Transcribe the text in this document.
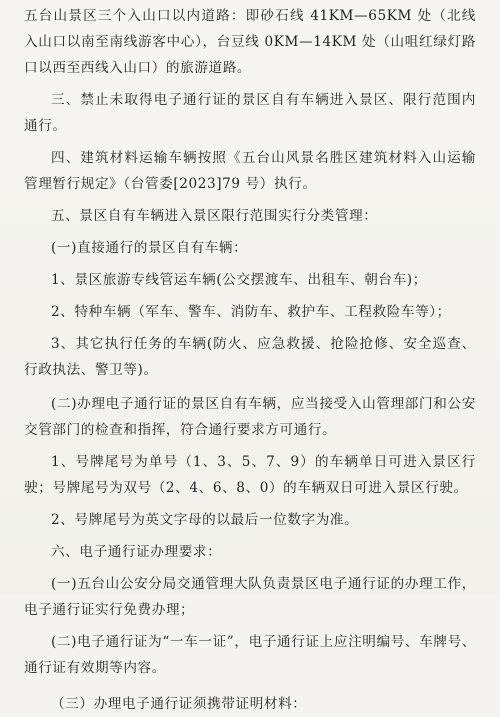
五台山景区三个入山口以内道路：即砂石线 41KM—65KM 处（北线入山口以南至南线游客中心），台豆线 0KM—14KM 处（山咀红绿灯路口以西至西线入山口）的旅游道路。

三、禁止未取得电子通行证的景区自有车辆进入景区、限行范围内通行。

四、建筑材料运输车辆按照《五台山风景名胜区建筑材料入山运输管理暂行规定》（台管委[2023]79 号）执行。

五、景区自有车辆进入景区限行范围实行分类管理：

(一)直接通行的景区自有车辆：

1、景区旅游专线管运车辆(公交摆渡车、出租车、朝台车)；

2、特种车辆（军车、警车、消防车、救护车、工程救险车等）；

3、其它执行任务的车辆(防火、应急救援、抢险抢修、安全巡查、行政执法、警卫等)。

(二)办理电子通行证的景区自有车辆，应当接受入山管理部门和公安交管部门的检查和指挥，符合通行要求方可通行。

1、号牌尾号为单号（1、3、5、7、9）的车辆单日可进入景区行驶；号牌尾号为双号（2、4、6、8、0）的车辆双日可进入景区行驶。

2、号牌尾号为英文字母的以最后一位数字为准。

六、电子通行证办理要求：

(一)五台山公安分局交通管理大队负责景区电子通行证的办理工作，电子通行证实行免费办理；

(二)电子通行证为“一车一证”，电子通行证上应注明编号、车牌号、通行证有效期等内容。

（三）办理电子通行证须携带证明材料：
